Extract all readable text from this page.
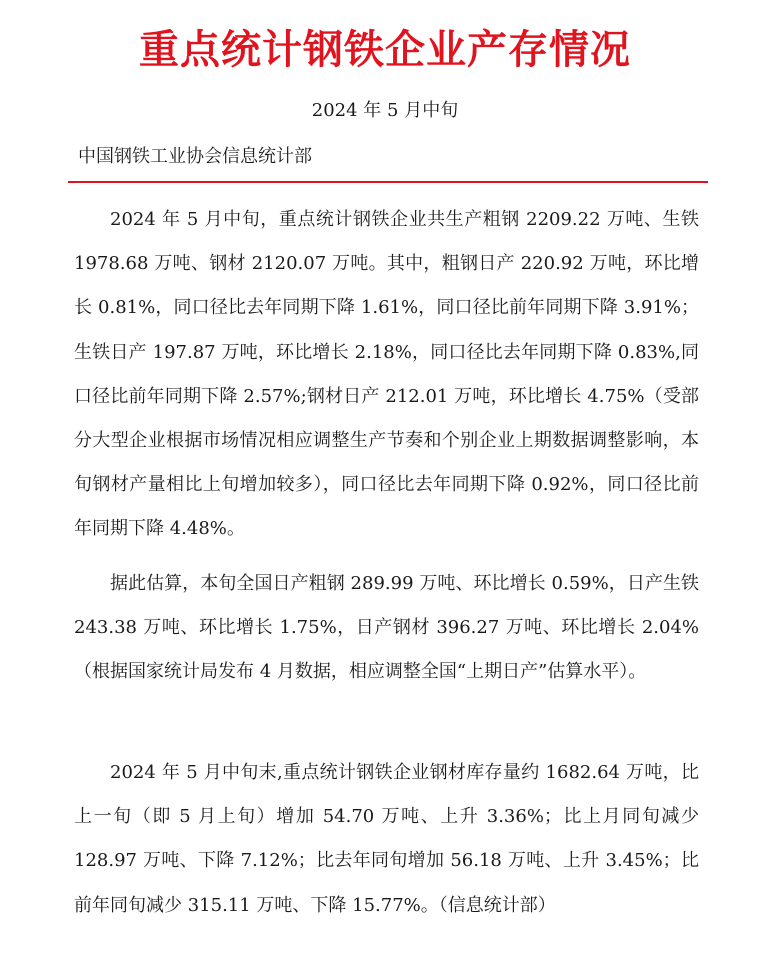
重点统计钢铁企业产存情况
2024 年 5 月中旬
中国钢铁工业协会信息统计部

2024 年 5 月中旬，重点统计钢铁企业共生产粗钢 2209.22 万吨、生铁 1978.68 万吨、钢材 2120.07 万吨。其中，粗钢日产 220.92 万吨，环比增长 0.81%，同口径比去年同期下降 1.61%，同口径比前年同期下降 3.91%；生铁日产 197.87 万吨，环比增长 2.18%，同口径比去年同期下降 0.83%,同口径比前年同期下降 2.57%;钢材日产 212.01 万吨，环比增长 4.75%（受部分大型企业根据市场情况相应调整生产节奏和个别企业上期数据调整影响，本旬钢材产量相比上旬增加较多），同口径比去年同期下降 0.92%，同口径比前年同期下降 4.48%。

据此估算，本旬全国日产粗钢 289.99 万吨、环比增长 0.59%，日产生铁 243.38 万吨、环比增长 1.75%，日产钢材 396.27 万吨、环比增长 2.04%（根据国家统计局发布 4 月数据，相应调整全国“上期日产”估算水平）。

2024 年 5 月中旬末,重点统计钢铁企业钢材库存量约 1682.64 万吨，比上一旬（即 5 月上旬）增加 54.70 万吨、上升 3.36%；比上月同旬减少 128.97 万吨、下降 7.12%；比去年同旬增加 56.18 万吨、上升 3.45%；比前年同旬减少 315.11 万吨、下降 15.77%。（信息统计部）
